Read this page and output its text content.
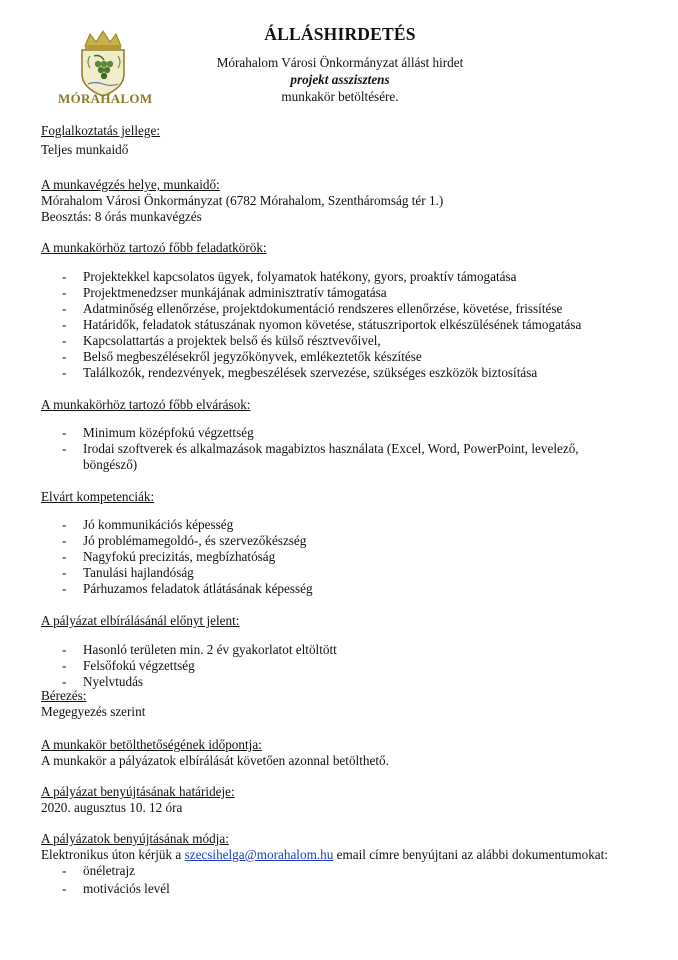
MÓRAHALOM
ÁLLÁSHIRDETÉS
Mórahalom Városi Önkormányzat állást hirdet
projekt asszisztens
munkakör betöltésére.
Foglalkoztatás jellege:
Teljes munkaidő
A munkavégzés helye, munkaidő:
Mórahalom Városi Önkormányzat (6782 Mórahalom, Szentháromság tér 1.)
Beosztás: 8 órás munkavégzés
A munkakörhöz tartozó főbb feladatkörök:
- Projektekkel kapcsolatos ügyek, folyamatok hatékony, gyors, proaktív támogatása
- Projektmenedzser munkájának adminisztratív támogatása
- Adatminőség ellenőrzése, projektdokumentáció rendszeres ellenőrzése, követése, frissítése
- Határidők, feladatok státuszának nyomon követése, státuszriportok elkészülésének támogatása
- Kapcsolattartás a projektek belső és külső résztvevőivel,
- Belső megbeszélésekről jegyzőkönyvek, emlékeztetők készítése
- Találkozók, rendezvények, megbeszélések szervezése, szükséges eszközök biztosítása
A munkakörhöz tartozó főbb elvárások:
- Minimum középfokú végzettség
- Irodai szoftverek és alkalmazások magabiztos használata (Excel, Word, PowerPoint, levelező,
böngésző)
Elvárt kompetenciák:
- Jó kommunikációs képesség
- Jó problémamegoldó-, és szervezőkészség
- Nagyfokú precizitás, megbízhatóság
- Tanulási hajlandóság
- Párhuzamos feladatok átlátásának képesség
A pályázat elbírálásánál előnyt jelent:
- Hasonló területen min. 2 év gyakorlatot eltöltött
- Felsőfokú végzettség
- Nyelvtudás
Bérezés:
Megegyezés szerint
A munkakör betölthetőségének időpontja:
A munkakör a pályázatok elbírálását követően azonnal betölthető.
A pályázat benyújtásának határideje:
2020. augusztus 10. 12 óra
A pályázatok benyújtásának módja:
Elektronikus úton kérjük a szecsihelga@morahalom.hu email címre benyújtani az alábbi dokumentumokat:
- önéletrajz
- motivációs levél
